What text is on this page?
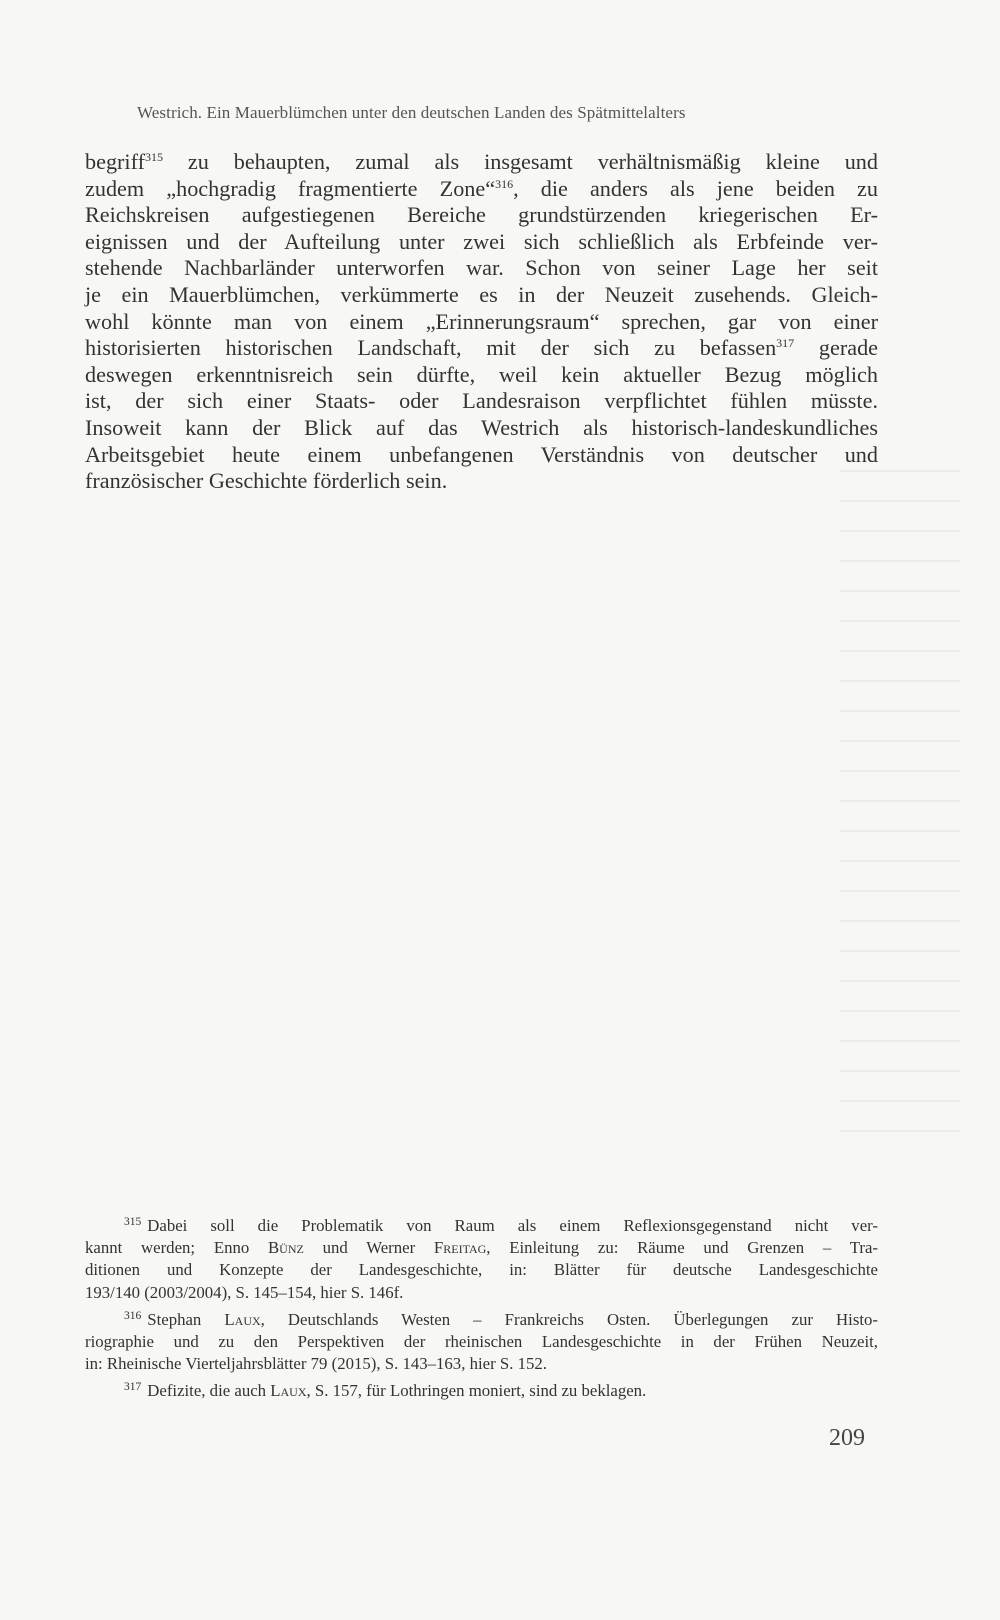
Westrich. Ein Mauerblümchen unter den deutschen Landen des Spätmittelalters
begriff$^{315}$ zu behaupten, zumal als insgesamt verhältnismäßig kleine und
zudem „hochgradig fragmentierte Zone“$^{316}$, die anders als jene beiden zu
Reichskreisen aufgestiegenen Bereiche grundstürzenden kriegerischen Er-
eignissen und der Aufteilung unter zwei sich schließlich als Erbfeinde ver-
stehende Nachbarländer unterworfen war. Schon von seiner Lage her seit
je ein Mauerblümchen, verkümmerte es in der Neuzeit zusehends. Gleich-
wohl könnte man von einem „Erinnerungsraum“ sprechen, gar von einer
historisierten historischen Landschaft, mit der sich zu befassen$^{317}$ gerade
deswegen erkenntnisreich sein dürfte, weil kein aktueller Bezug möglich
ist, der sich einer Staats- oder Landesraison verpflichtet fühlen müsste.
Insoweit kann der Blick auf das Westrich als historisch-landeskundliches
Arbeitsgebiet heute einem unbefangenen Verständnis von deutscher und
französischer Geschichte förderlich sein.
$^{315}$ Dabei soll die Problematik von Raum als einem Reflexionsgegenstand nicht ver-
kannt werden; Enno Bünz und Werner Freitag, Einleitung zu: Räume und Grenzen – Tra-
ditionen und Konzepte der Landesgeschichte, in: Blätter für deutsche Landesgeschichte
193/140 (2003/2004), S. 145–154, hier S. 146f.
$^{316}$ Stephan Laux, Deutschlands Westen – Frankreichs Osten. Überlegungen zur Histo-
riographie und zu den Perspektiven der rheinischen Landesgeschichte in der Frühen Neuzeit,
in: Rheinische Vierteljahrsblätter 79 (2015), S. 143–163, hier S. 152.
$^{317}$ Defizite, die auch Laux, S. 157, für Lothringen moniert, sind zu beklagen.
209
